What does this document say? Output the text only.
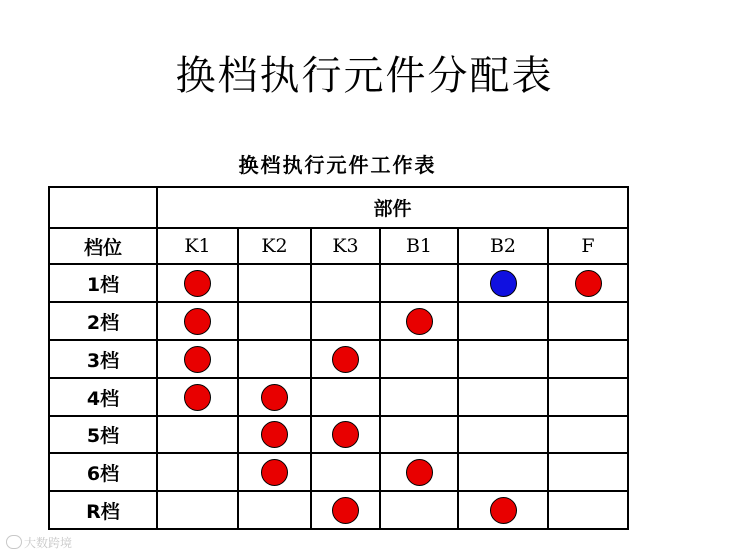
换档执行元件分配表
换档执行元件工作表
	部件					
档位	K1	K2	K3	B1	B2	F
1档						
2档						
3档						
4档						
5档						
6档						
R档						
大数跨境
